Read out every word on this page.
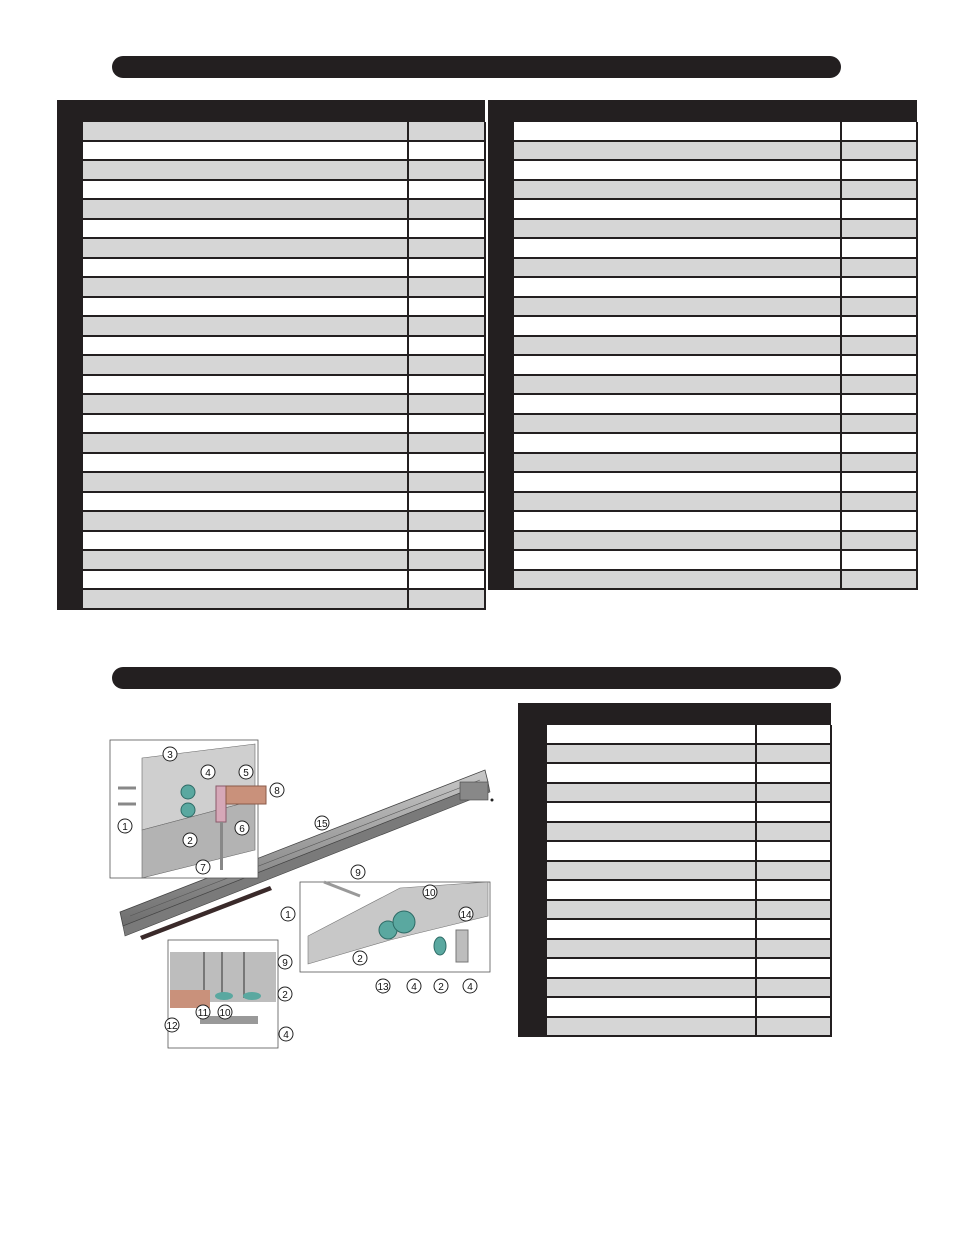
3
4	5
8
1
2
6
7
15
9
1
10
14
2
13 4 2 4
9
2
11 10
12
4
